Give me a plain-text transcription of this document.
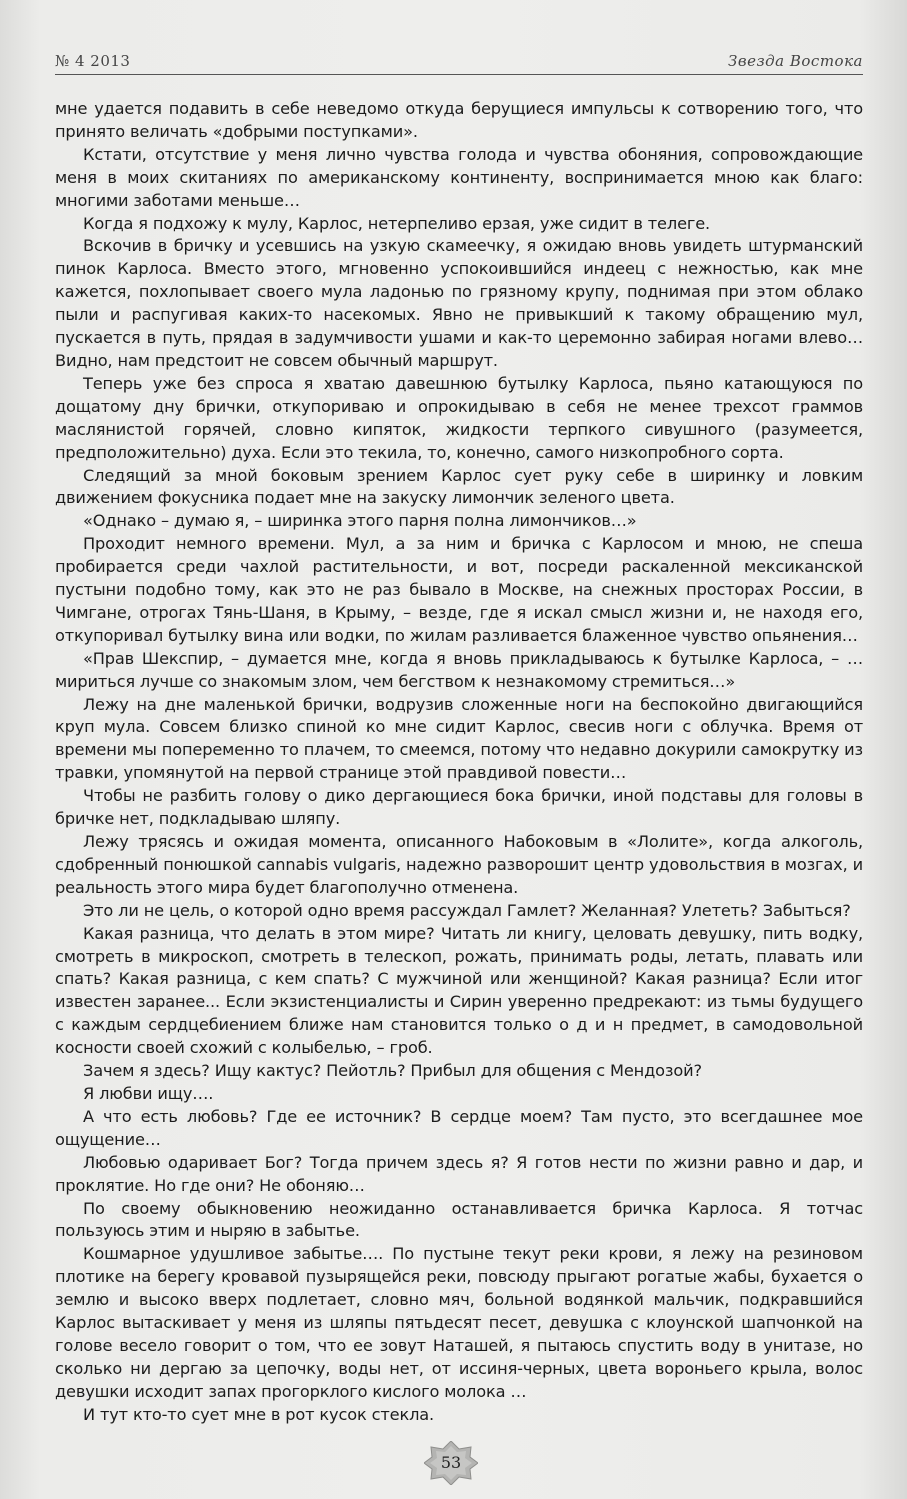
№ 4 2013	Звезда Востока

мне удается подавить в себе неведомо откуда берущиеся импульсы к сотворению того, что принято величать «добрыми поступками».

Кстати, отсутствие у меня лично чувства голода и чувства обоняния, сопровождающие меня в моих скитаниях по американскому континенту, воспринимается мною как благо: многими заботами меньше…

Когда я подхожу к мулу, Карлос, нетерпеливо ерзая, уже сидит в телеге.

Вскочив в бричку и усевшись на узкую скамеечку, я ожидаю вновь увидеть штурманский пинок Карлоса. Вместо этого, мгновенно успокоившийся индеец с нежностью, как мне кажется, похлопывает своего мула ладонью по грязному крупу, поднимая при этом облако пыли и распугивая каких-то насекомых. Явно не привыкший к такому обращению мул, пускается в путь, прядая в задумчивости ушами и как-то церемонно забирая ногами влево… Видно, нам предстоит не совсем обычный маршрут.

Теперь уже без спроса я хватаю давешнюю бутылку Карлоса, пьяно катающуюся по дощатому дну брички, откупориваю и опрокидываю в себя не менее трехсот граммов маслянистой горячей, словно кипяток, жидкости терпкого сивушного (разумеется, предположительно) духа. Если это текила, то, конечно, самого низкопробного сорта.

Следящий за мной боковым зрением Карлос сует руку себе в ширинку и ловким движением фокусника подает мне на закуску лимончик зеленого цвета.

«Однако – думаю я, – ширинка этого парня полна лимончиков…»

Проходит немного времени. Мул, а за ним и бричка с Карлосом и мною, не спеша пробирается среди чахлой растительности, и вот, посреди раскаленной мексиканской пустыни подобно тому, как это не раз бывало в Москве, на снежных просторах России, в Чимгане, отрогах Тянь-Шаня, в Крыму, – везде, где я искал смысл жизни и, не находя его, откупоривал бутылку вина или водки, по жилам разливается блаженное чувство опьянения…

«Прав Шекспир, – думается мне, когда я вновь прикладываюсь к бутылке Карлоса, – … мириться лучше со знакомым злом, чем бегством к незнакомому стремиться…»

Лежу на дне маленькой брички, водрузив сложенные ноги на беспокойно двигающийся круп мула. Совсем близко спиной ко мне сидит Карлос, свесив ноги с облучка. Время от времени мы попеременно то плачем, то смеемся, потому что недавно докурили самокрутку из травки, упомянутой на первой странице этой правдивой повести…

Чтобы не разбить голову о дико дергающиеся бока брички, иной подставы для головы в бричке нет, подкладываю шляпу.

Лежу трясясь и ожидая момента, описанного Набоковым в «Лолите», когда алкоголь, сдобренный понюшкой cannabis vulgaris, надежно разворошит центр удовольствия в мозгах, и реальность этого мира будет благополучно отменена.

Это ли не цель, о которой одно время рассуждал Гамлет? Желанная? Улететь? Забыться?

Какая разница, что делать в этом мире? Читать ли книгу, целовать девушку, пить водку, смотреть в микроскоп, смотреть в телескоп, рожать, принимать роды, летать, плавать или спать? Какая разница, с кем спать? С мужчиной или женщиной? Какая разница? Если итог известен заранее... Если экзистенциалисты и Сирин уверенно предрекают: из тьмы будущего с каждым сердцебиением ближе нам становится только о д и н предмет, в самодовольной косности своей схожий с колыбелью, – гроб.

Зачем я здесь? Ищу кактус? Пейотль? Прибыл для общения с Мендозой?

Я любви ищу….

А что есть любовь? Где ее источник? В сердце моем? Там пусто, это всегдашнее мое ощущение…

Любовью одаривает Бог? Тогда причем здесь я? Я готов нести по жизни равно и дар, и проклятие. Но где они? Не обоняю…

По своему обыкновению неожиданно останавливается бричка Карлоса. Я тотчас пользуюсь этим и ныряю в забытье.

Кошмарное удушливое забытье…. По пустыне текут реки крови, я лежу на резиновом плотике на берегу кровавой пузырящейся реки, повсюду прыгают рогатые жабы, бухается о землю и высоко вверх подлетает, словно мяч, больной водянкой мальчик, подкравшийся Карлос вытаскивает у меня из шляпы пятьдесят песет, девушка с клоунской шапчонкой на голове весело говорит о том, что ее зовут Наташей, я пытаюсь спустить воду в унитазе, но сколько ни дергаю за цепочку, воды нет, от иссиня-черных, цвета вороньего крыла, волос девушки исходит запах прогорклого кислого молока …

И тут кто-то сует мне в рот кусок стекла.

53
